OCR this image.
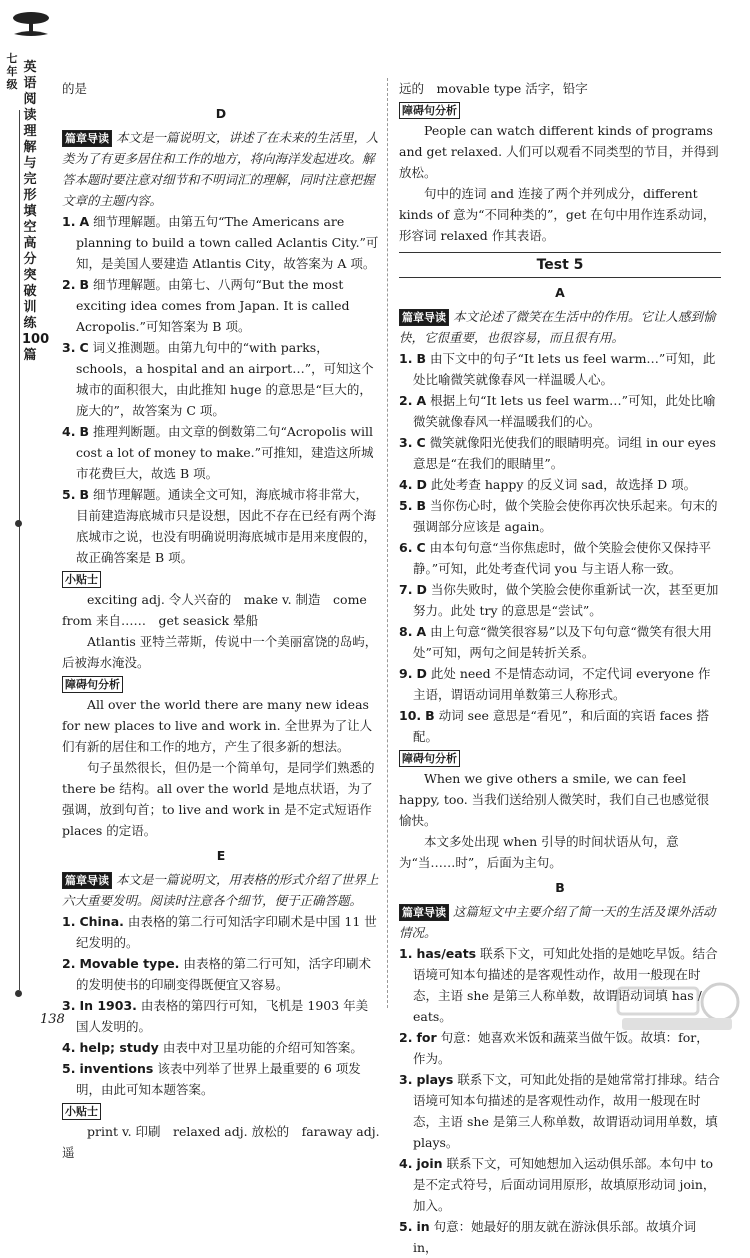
七年级
英语阅读理解与完形填空高分突破训练100篇

的是

D

篇章导读 本文是一篇说明文，讲述了在未来的生活里，人类为了有更多居住和工作的地方，将向海洋发起进攻。解答本题时要注意对细节和不明词汇的理解，同时注意把握文章的主题内容。

1. A 细节理解题。由第五句“The Americans are planning to build a town called Aclantis City.”可知，是美国人要建造 Atlantis City，故答案为 A 项。

2. B 细节理解题。由第七、八两句“But the most exciting idea comes from Japan. It is called Acropolis.”可知答案为 B 项。

3. C 词义推测题。由第九句中的“with parks，schools，a hospital and an airport…”，可知这个城市的面积很大，由此推知 huge 的意思是“巨大的，庞大的”，故答案为 C 项。

4. B 推理判断题。由文章的倒数第二句“Acropolis will cost a lot of money to make.”可推知，建造这所城市花费巨大，故选 B 项。

5. B 细节理解题。通读全文可知，海底城市将非常大，目前建造海底城市只是设想，因此不存在已经有两个海底城市之说，也没有明确说明海底城市是用来度假的，故正确答案是 B 项。

小贴士

exciting adj. 令人兴奋的　make v. 制造　come from 来自……　get seasick 晕船

Atlantis 亚特兰蒂斯，传说中一个美丽富饶的岛屿，后被海水淹没。

障碍句分析

All over the world there are many new ideas for new places to live and work in. 全世界为了让人们有新的居住和工作的地方，产生了很多新的想法。

句子虽然很长，但仍是一个简单句，是同学们熟悉的 there be 结构。all over the world 是地点状语，为了强调，放到句首；to live and work in 是不定式短语作 places 的定语。

E

篇章导读 本文是一篇说明文，用表格的形式介绍了世界上六大重要发明。阅读时注意各个细节，便于正确答题。

1. China. 由表格的第二行可知活字印刷术是中国 11 世纪发明的。

2. Movable type. 由表格的第二行可知，活字印刷术的发明使书的印刷变得既便宜又容易。

3. In 1903. 由表格的第四行可知，飞机是 1903 年美国人发明的。

4. help; study 由表中对卫星功能的介绍可知答案。

5. inventions 该表中列举了世界上最重要的 6 项发明，由此可知本题答案。

小贴士

print v. 印刷　relaxed adj. 放松的　faraway adj. 遥

远的　movable type 活字，铅字

障碍句分析

People can watch different kinds of programs and get relaxed. 人们可以观看不同类型的节目，并得到放松。

句中的连词 and 连接了两个并列成分，different kinds of 意为“不同种类的”，get 在句中用作连系动词，形容词 relaxed 作其表语。

Test 5
A

篇章导读 本文论述了微笑在生活中的作用。它让人感到愉快，它很重要，也很容易，而且很有用。

1. B 由下文中的句子“It lets us feel warm…”可知，此处比喻微笑就像春风一样温暖人心。

2. A 根据上句“It lets us feel warm…”可知，此处比喻微笑就像春风一样温暖我们的心。

3. C 微笑就像阳光使我们的眼睛明亮。词组 in our eyes 意思是“在我们的眼睛里”。

4. D 此处考查 happy 的反义词 sad，故选择 D 项。

5. B 当你伤心时，做个笑脸会使你再次快乐起来。句末的强调部分应该是 again。

6. C 由本句句意“当你焦虑时，做个笑脸会使你又保持平静。”可知，此处考查代词 you 与主语人称一致。

7. D 当你失败时，做个笑脸会使你重新试一次，甚至更加努力。此处 try 的意思是“尝试”。

8. A 由上句意“微笑很容易”以及下句句意“微笑有很大用处”可知，两句之间是转折关系。

9. D 此处 need 不是情态动词，不定代词 everyone 作主语，谓语动词用单数第三人称形式。

10. B 动词 see 意思是“看见”，和后面的宾语 faces 搭配。

障碍句分析

When we give others a smile, we can feel happy, too. 当我们送给别人微笑时，我们自己也感觉很愉快。

本文多处出现 when 引导的时间状语从句，意为“当……时”，后面为主句。

B

篇章导读 这篇短文中主要介绍了简一天的生活及课外活动情况。

1. has/eats 联系下文，可知此处指的是她吃早饭。结合语境可知本句描述的是客观性动作，故用一般现在时态，主语 she 是第三人称单数，故谓语动词填 has / eats。

2. for 句意：她喜欢米饭和蔬菜当做午饭。故填：for，作为。

3. plays 联系下文，可知此处指的是她常常打排球。结合语境可知本句描述的是客观性动作，故用一般现在时态，主语 she 是第三人称单数，故谓语动词用单数，填 plays。

4. join 联系下文，可知她想加入运动俱乐部。本句中 to 是不定式符号，后面动词用原形，故填原形动词 join，加入。

5. in 句意：她最好的朋友就在游泳俱乐部。故填介词 in，

138
